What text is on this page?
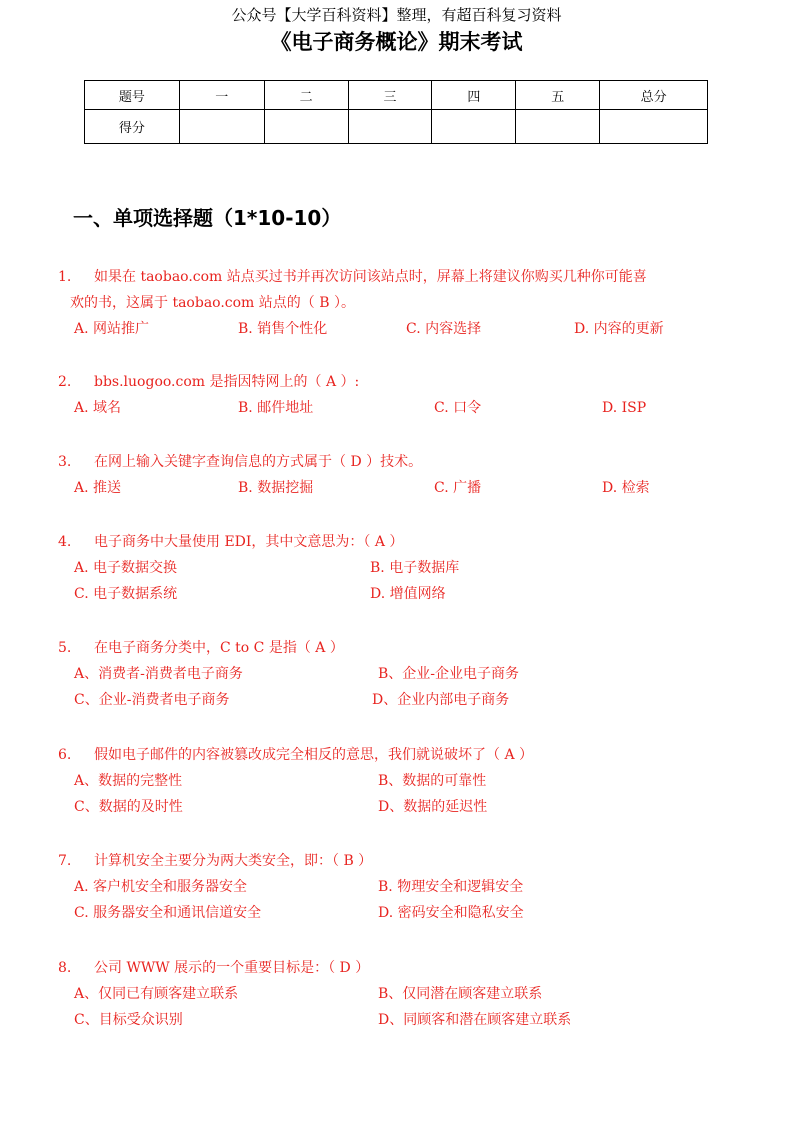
公众号【大学百科资料】整理，有超百科复习资料
《电子商务概论》期末考试
题号	一	二	三	四	五	总分
得分						
一、单项选择题（1*10-10）
1. 如果在 taobao.com 站点买过书并再次访问该站点时，屏幕上将建议你购买几种你可能喜
欢的书，这属于 taobao.com 站点的（ B ）。
A. 网站推广	B. 销售个性化	C. 内容选择	D. 内容的更新
2. bbs.luogoo.com 是指因特网上的（ A ）:
A. 域名	B. 邮件地址	C. 口令	D. ISP
3. 在网上输入关键字查询信息的方式属于（ D ）技术。
A. 推送	B. 数据挖掘	C. 广播	D. 检索
4. 电子商务中大量使用 EDI，其中文意思为：（ A ）
A. 电子数据交换	B. 电子数据库
C. 电子数据系统	D. 增值网络
5. 在电子商务分类中，C to C 是指（ A ）
A、消费者-消费者电子商务	B、企业-企业电子商务
C、企业-消费者电子商务	D、企业内部电子商务
6. 假如电子邮件的内容被篡改成完全相反的意思，我们就说破坏了（ A ）
A、数据的完整性	B、数据的可靠性
C、数据的及时性	D、数据的延迟性
7. 计算机安全主要分为两大类安全，即：（ B ）
A. 客户机安全和服务器安全	B. 物理安全和逻辑安全
C. 服务器安全和通讯信道安全	D. 密码安全和隐私安全
8. 公司 WWW 展示的一个重要目标是：（ D ）
A、仅同已有顾客建立联系	B、仅同潜在顾客建立联系
C、目标受众识别	D、同顾客和潜在顾客建立联系
